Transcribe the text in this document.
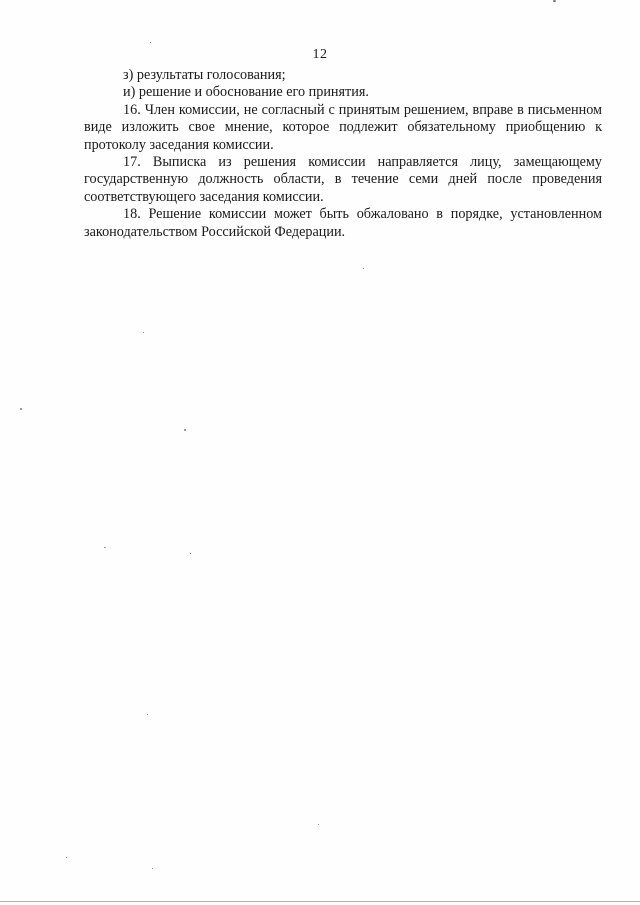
12
з) результаты голосования;
и) решение и обоснование его принятия.

16. Член комиссии, не согласный с принятым решением, вправе в письменном виде изложить свое мнение, которое подлежит обязательному приобщению к протоколу заседания комиссии.

17. Выписка из решения комиссии направляется лицу, замещающему государственную должность области, в течение семи дней после проведения соответствующего заседания комиссии.

18. Решение комиссии может быть обжаловано в порядке, установленном законодательством Российской Федерации.
